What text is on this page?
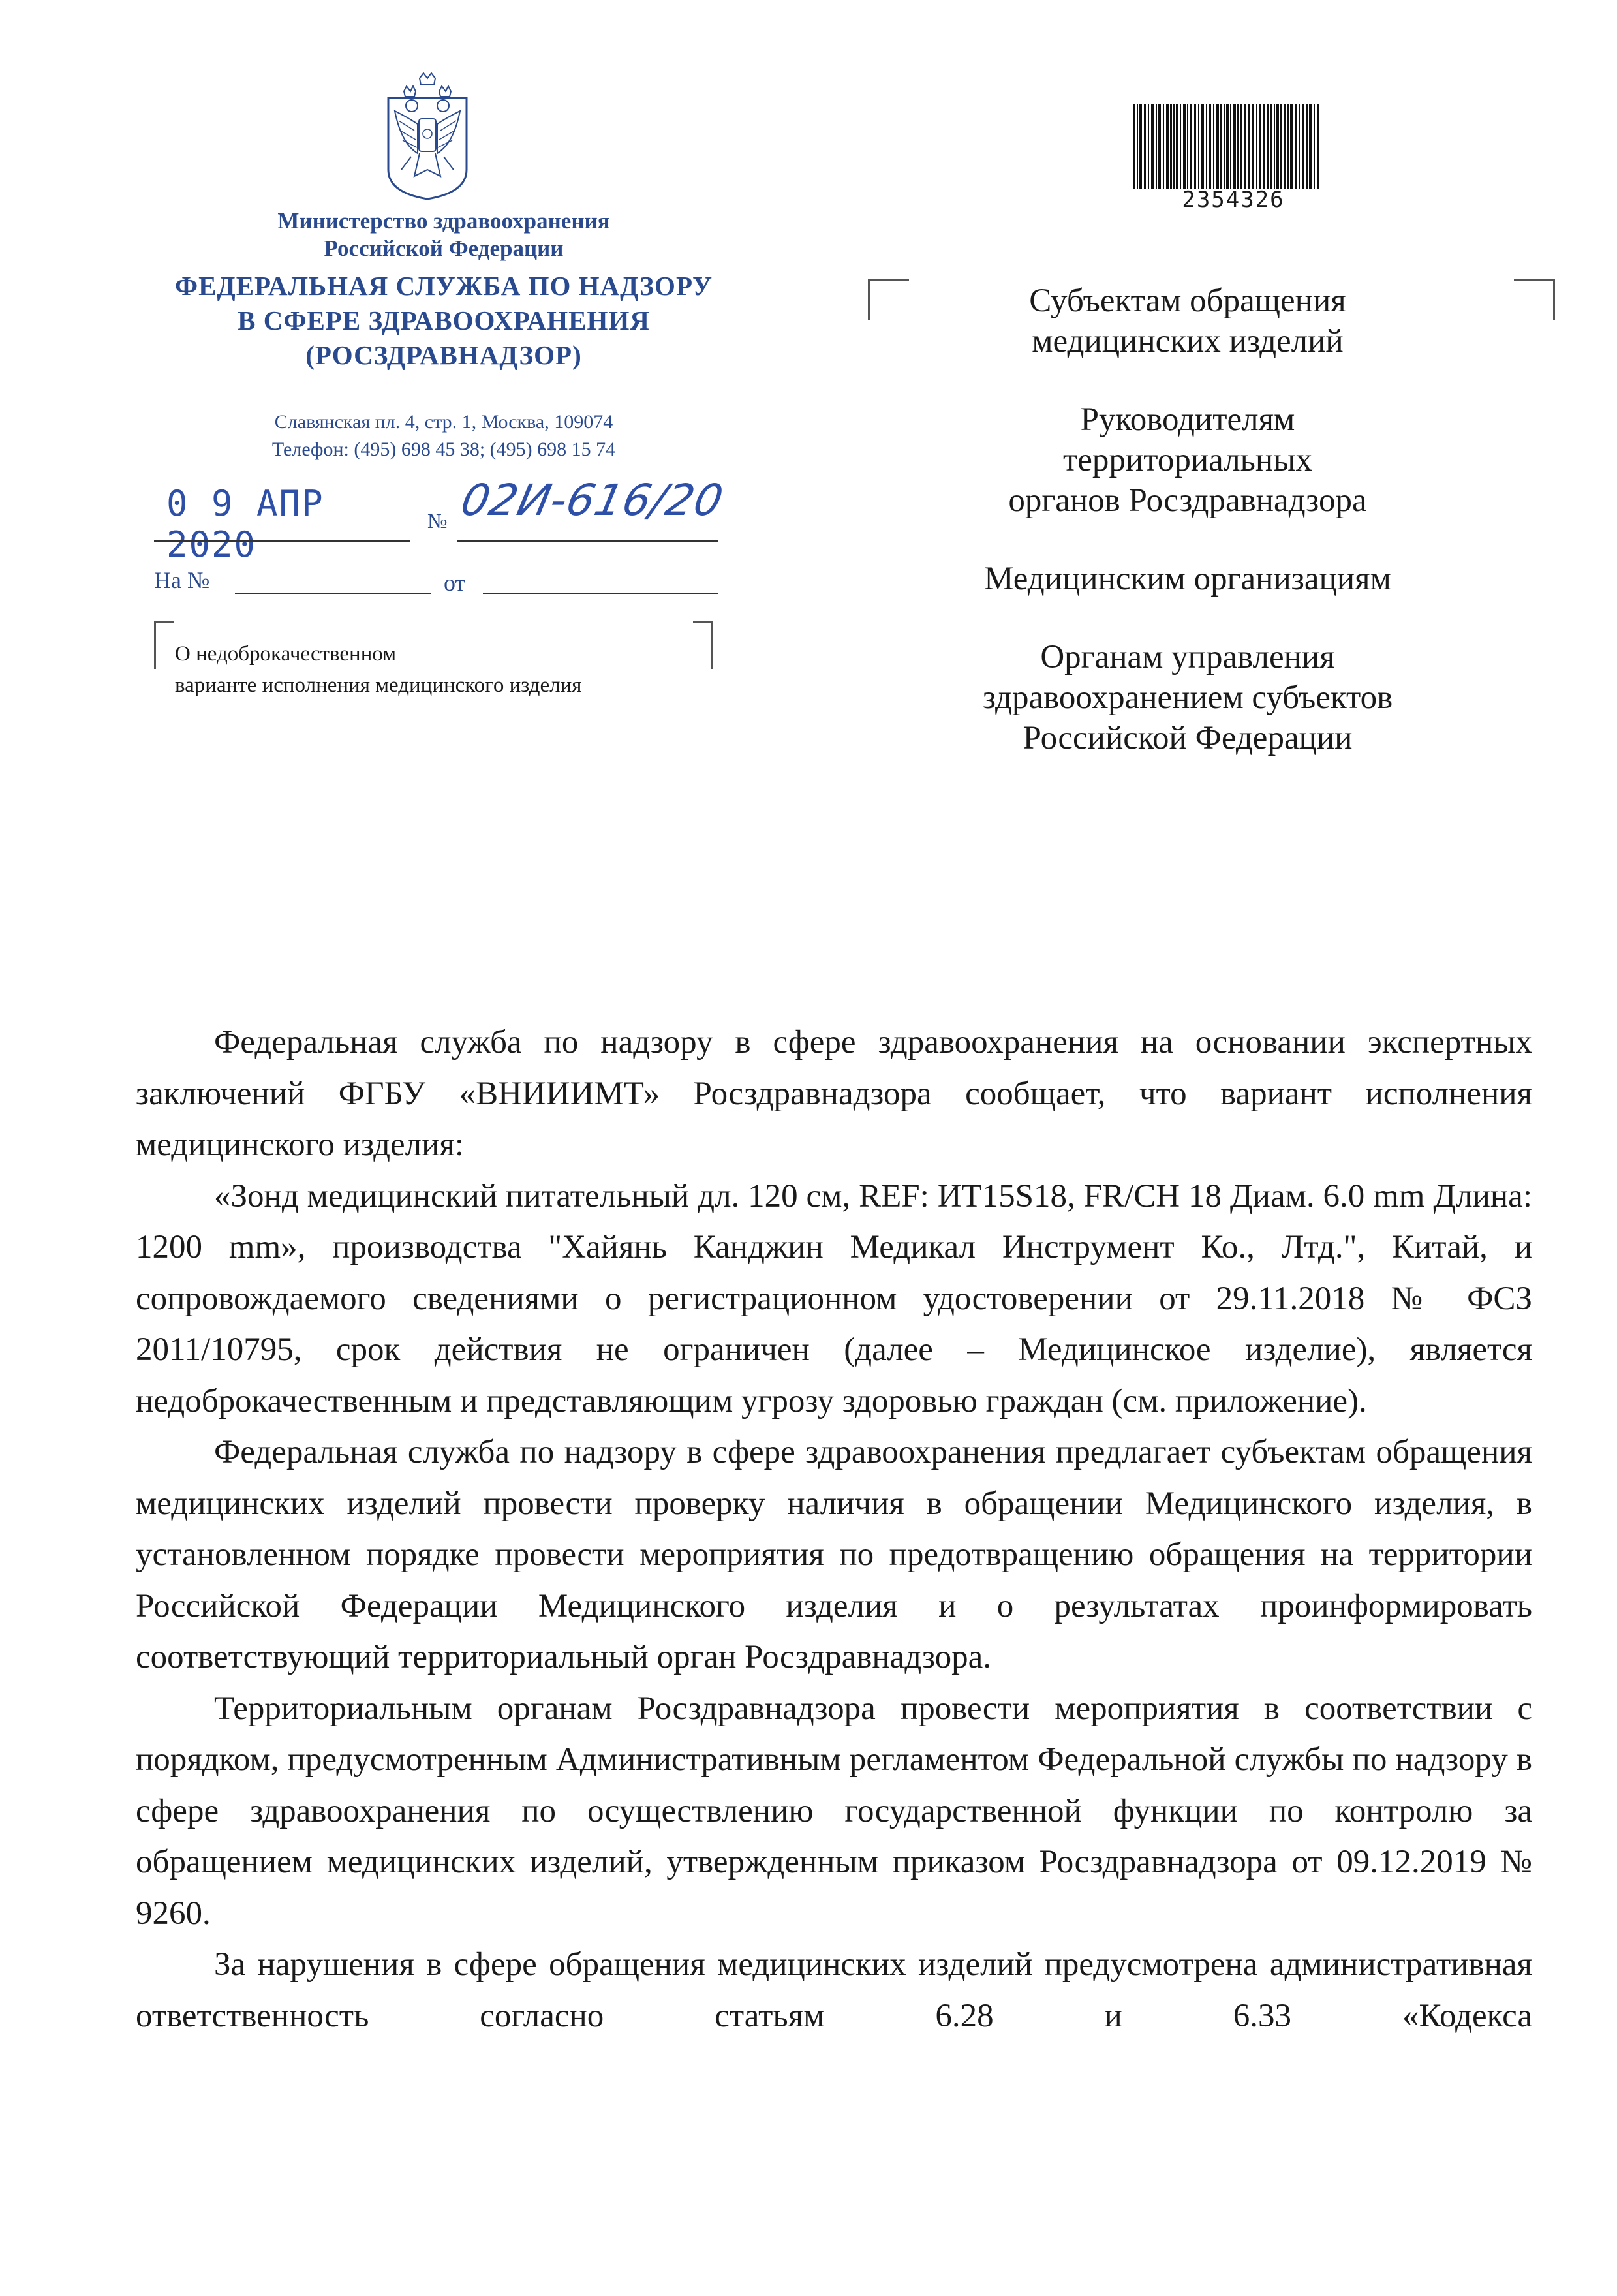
Министерство здравоохранения
Российской Федерации
ФЕДЕРАЛЬНАЯ СЛУЖБА ПО НАДЗОРУ
В СФЕРЕ ЗДРАВООХРАНЕНИЯ
(РОСЗДРАВНАДЗОР)
Славянская пл. 4, стр. 1, Москва, 109074
Телефон: (495) 698 45 38; (495) 698 15 74
0 9 АПР 2020
№ 02И-616/20
На №	от
О недоброкачественном
варианте исполнения медицинского изделия
2354326
Субъектам обращения
медицинских изделий
Руководителям
территориальных
органов Росздравнадзора
Медицинским организациям
Органам управления
здравоохранением субъектов
Российской Федерации

Федеральная служба по надзору в сфере здравоохранения на основании экспертных заключений ФГБУ «ВНИИИМТ» Росздравнадзора сообщает, что вариант исполнения медицинского изделия:

«Зонд медицинский питательный дл. 120 см, REF: ИТ15S18, FR/CH 18 Диам. 6.0 mm Длина: 1200 mm», производства "Хайянь Канджин Медикал Инструмент Ко., Лтд.", Китай, и сопровождаемого сведениями о регистрационном удостоверении от 29.11.2018 № ФСЗ 2011/10795, срок действия не ограничен (далее – Медицинское изделие), является недоброкачественным и представляющим угрозу здоровью граждан (см. приложение).

Федеральная служба по надзору в сфере здравоохранения предлагает субъектам обращения медицинских изделий провести проверку наличия в обращении Медицинского изделия, в установленном порядке провести мероприятия по предотвращению обращения на территории Российской Федерации Медицинского изделия и о результатах проинформировать соответствующий территориальный орган Росздравнадзора.

Территориальным органам Росздравнадзора провести мероприятия в соответствии с порядком, предусмотренным Административным регламентом Федеральной службы по надзору в сфере здравоохранения по осуществлению государственной функции по контролю за обращением медицинских изделий, утвержденным приказом Росздравнадзора от 09.12.2019 № 9260.

За нарушения в сфере обращения медицинских изделий предусмотрена административная ответственность согласно статьям 6.28 и 6.33 «Кодекса
